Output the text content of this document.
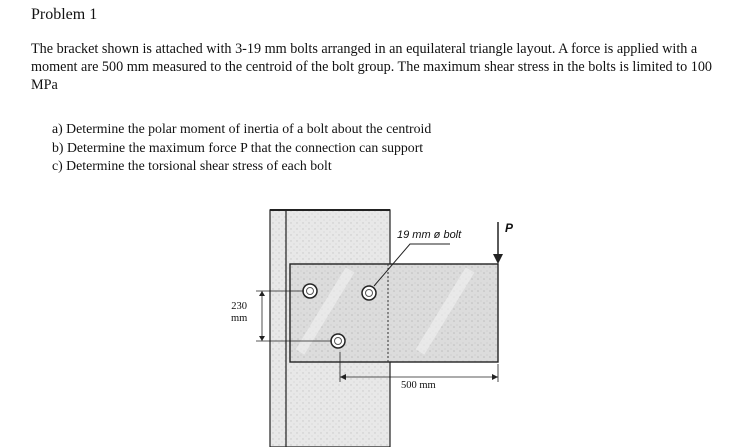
Problem 1
The bracket shown is attached with 3-19 mm bolts arranged in an equilateral triangle layout. A force is applied with a moment are 500 mm measured to the centroid of the bolt group. The maximum shear stress in the bolts is limited to 100 MPa
a) Determine the polar moment of inertia of a bolt about the centroid
b) Determine the maximum force P that the connection can support
c) Determine the torsional shear stress of each bolt
19 mm ø bolt	P
230
mm
500 mm
